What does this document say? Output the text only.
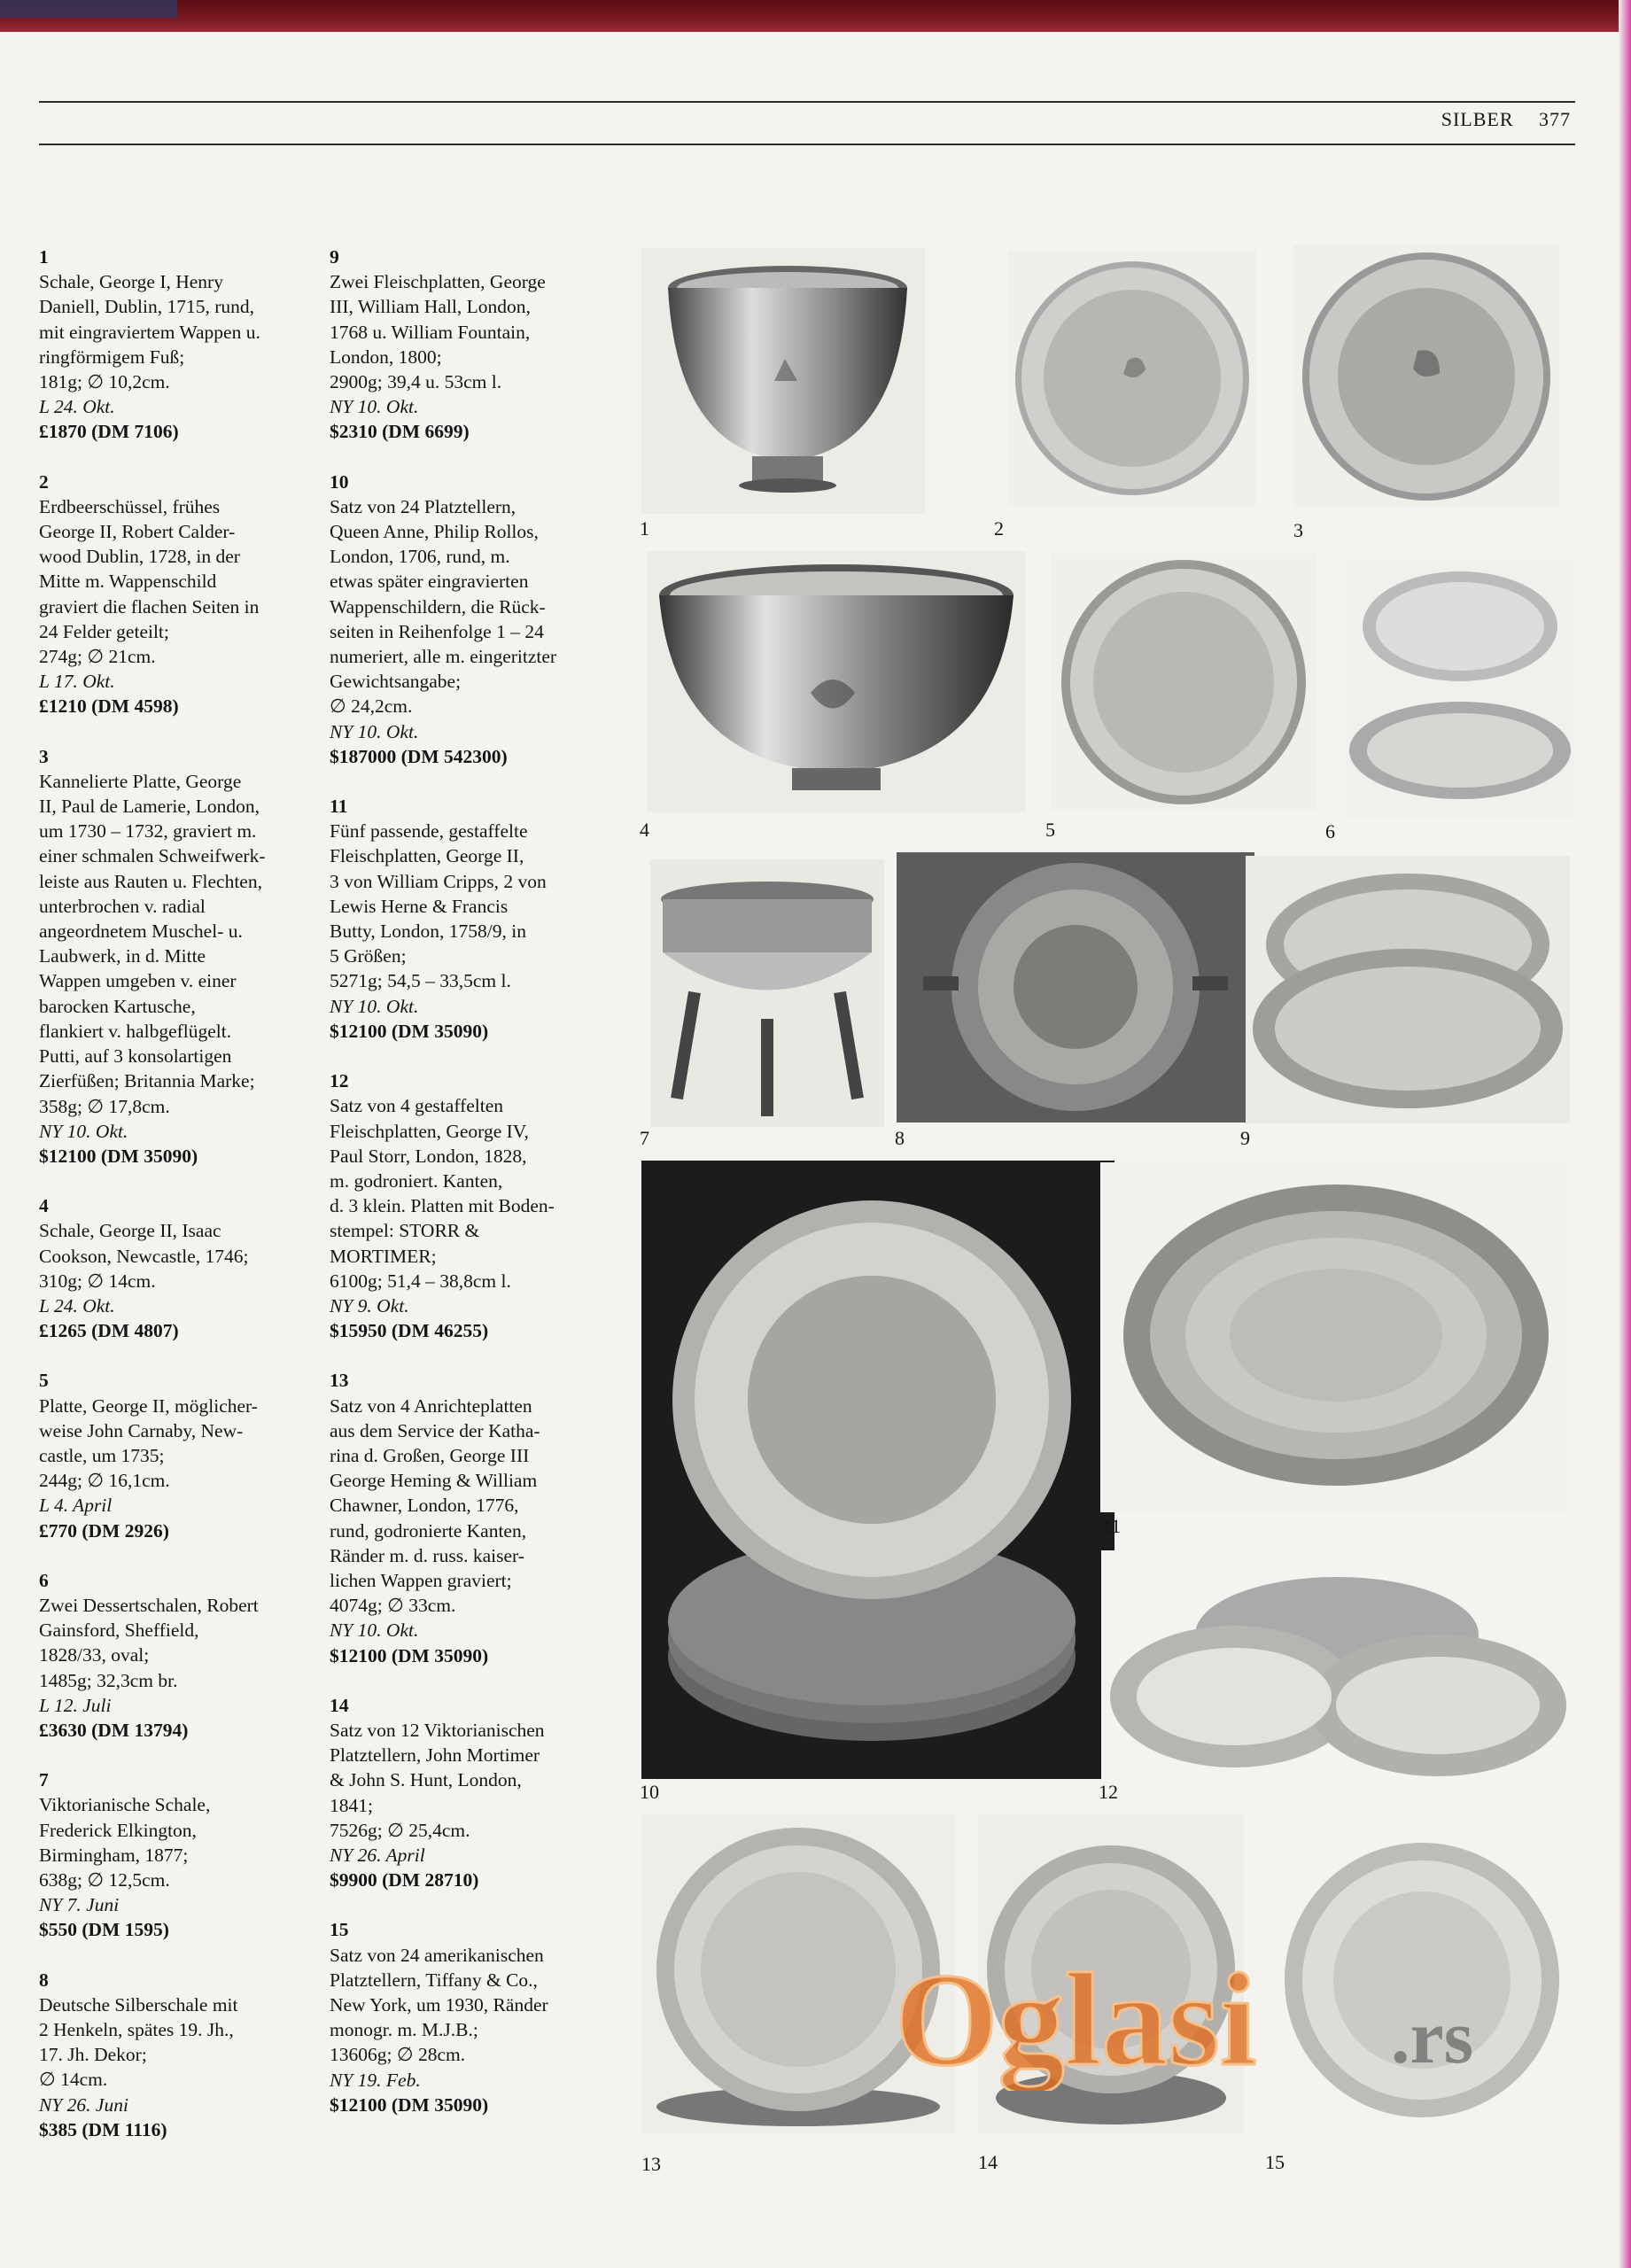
SILBER 377
1
Schale, George I, Henry
Daniell, Dublin, 1715, rund,
mit eingraviertem Wappen u.
ringförmigem Fuß;
181g; ∅ 10,2cm.
L 24. Okt.
£1870 (DM 7106)
2
Erdbeerschüssel, frühes
George II, Robert Calder-
wood Dublin, 1728, in der
Mitte m. Wappenschild
graviert die flachen Seiten in
24 Felder geteilt;
274g; ∅ 21cm.
L 17. Okt.
£1210 (DM 4598)
3
Kannelierte Platte, George
II, Paul de Lamerie, London,
um 1730 – 1732, graviert m.
einer schmalen Schweifwerk-
leiste aus Rauten u. Flechten,
unterbrochen v. radial
angeordnetem Muschel- u.
Laubwerk, in d. Mitte
Wappen umgeben v. einer
barocken Kartusche,
flankiert v. halbgeflügelt.
Putti, auf 3 konsolartigen
Zierfüßen; Britannia Marke;
358g; ∅ 17,8cm.
NY 10. Okt.
$12100 (DM 35090)
4
Schale, George II, Isaac
Cookson, Newcastle, 1746;
310g; ∅ 14cm.
L 24. Okt.
£1265 (DM 4807)
5
Platte, George II, möglicher-
weise John Carnaby, New-
castle, um 1735;
244g; ∅ 16,1cm.
L 4. April
£770 (DM 2926)
6
Zwei Dessertschalen, Robert
Gainsford, Sheffield,
1828/33, oval;
1485g; 32,3cm br.
L 12. Juli
£3630 (DM 13794)
7
Viktorianische Schale,
Frederick Elkington,
Birmingham, 1877;
638g; ∅ 12,5cm.
NY 7. Juni
$550 (DM 1595)
8
Deutsche Silberschale mit
2 Henkeln, spätes 19. Jh.,
17. Jh. Dekor;
∅ 14cm.
NY 26. Juni
$385 (DM 1116)
9
Zwei Fleischplatten, George
III, William Hall, London,
1768 u. William Fountain,
London, 1800;
2900g; 39,4 u. 53cm l.
NY 10. Okt.
$2310 (DM 6699)
10
Satz von 24 Platztellern,
Queen Anne, Philip Rollos,
London, 1706, rund, m.
etwas später eingravierten
Wappenschildern, die Rück-
seiten in Reihenfolge 1 – 24
numeriert, alle m. eingeritzter
Gewichtsangabe;
∅ 24,2cm.
NY 10. Okt.
$187000 (DM 542300)
11
Fünf passende, gestaffelte
Fleischplatten, George II,
3 von William Cripps, 2 von
Lewis Herne & Francis
Butty, London, 1758/9, in
5 Größen;
5271g; 54,5 – 33,5cm l.
NY 10. Okt.
$12100 (DM 35090)
12
Satz von 4 gestaffelten
Fleischplatten, George IV,
Paul Storr, London, 1828,
m. godroniert. Kanten,
d. 3 klein. Platten mit Boden-
stempel: STORR &
MORTIMER;
6100g; 51,4 – 38,8cm l.
NY 9. Okt.
$15950 (DM 46255)
13
Satz von 4 Anrichteplatten
aus dem Service der Katha-
rina d. Großen, George III
George Heming & William
Chawner, London, 1776,
rund, godronierte Kanten,
Ränder m. d. russ. kaiser-
lichen Wappen graviert;
4074g; ∅ 33cm.
NY 10. Okt.
$12100 (DM 35090)
14
Satz von 12 Viktorianischen
Platztellern, John Mortimer
& John S. Hunt, London,
1841;
7526g; ∅ 25,4cm.
NY 26. April
$9900 (DM 28710)
15
Satz von 24 amerikanischen
Platztellern, Tiffany & Co.,
New York, um 1930, Ränder
monogr. m. M.J.B.;
13606g; ∅ 28cm.
NY 19. Feb.
$12100 (DM 35090)
1	2	3
4	5	6
7	8	9
10
11
12
13	14	15
Oglasi .rs
